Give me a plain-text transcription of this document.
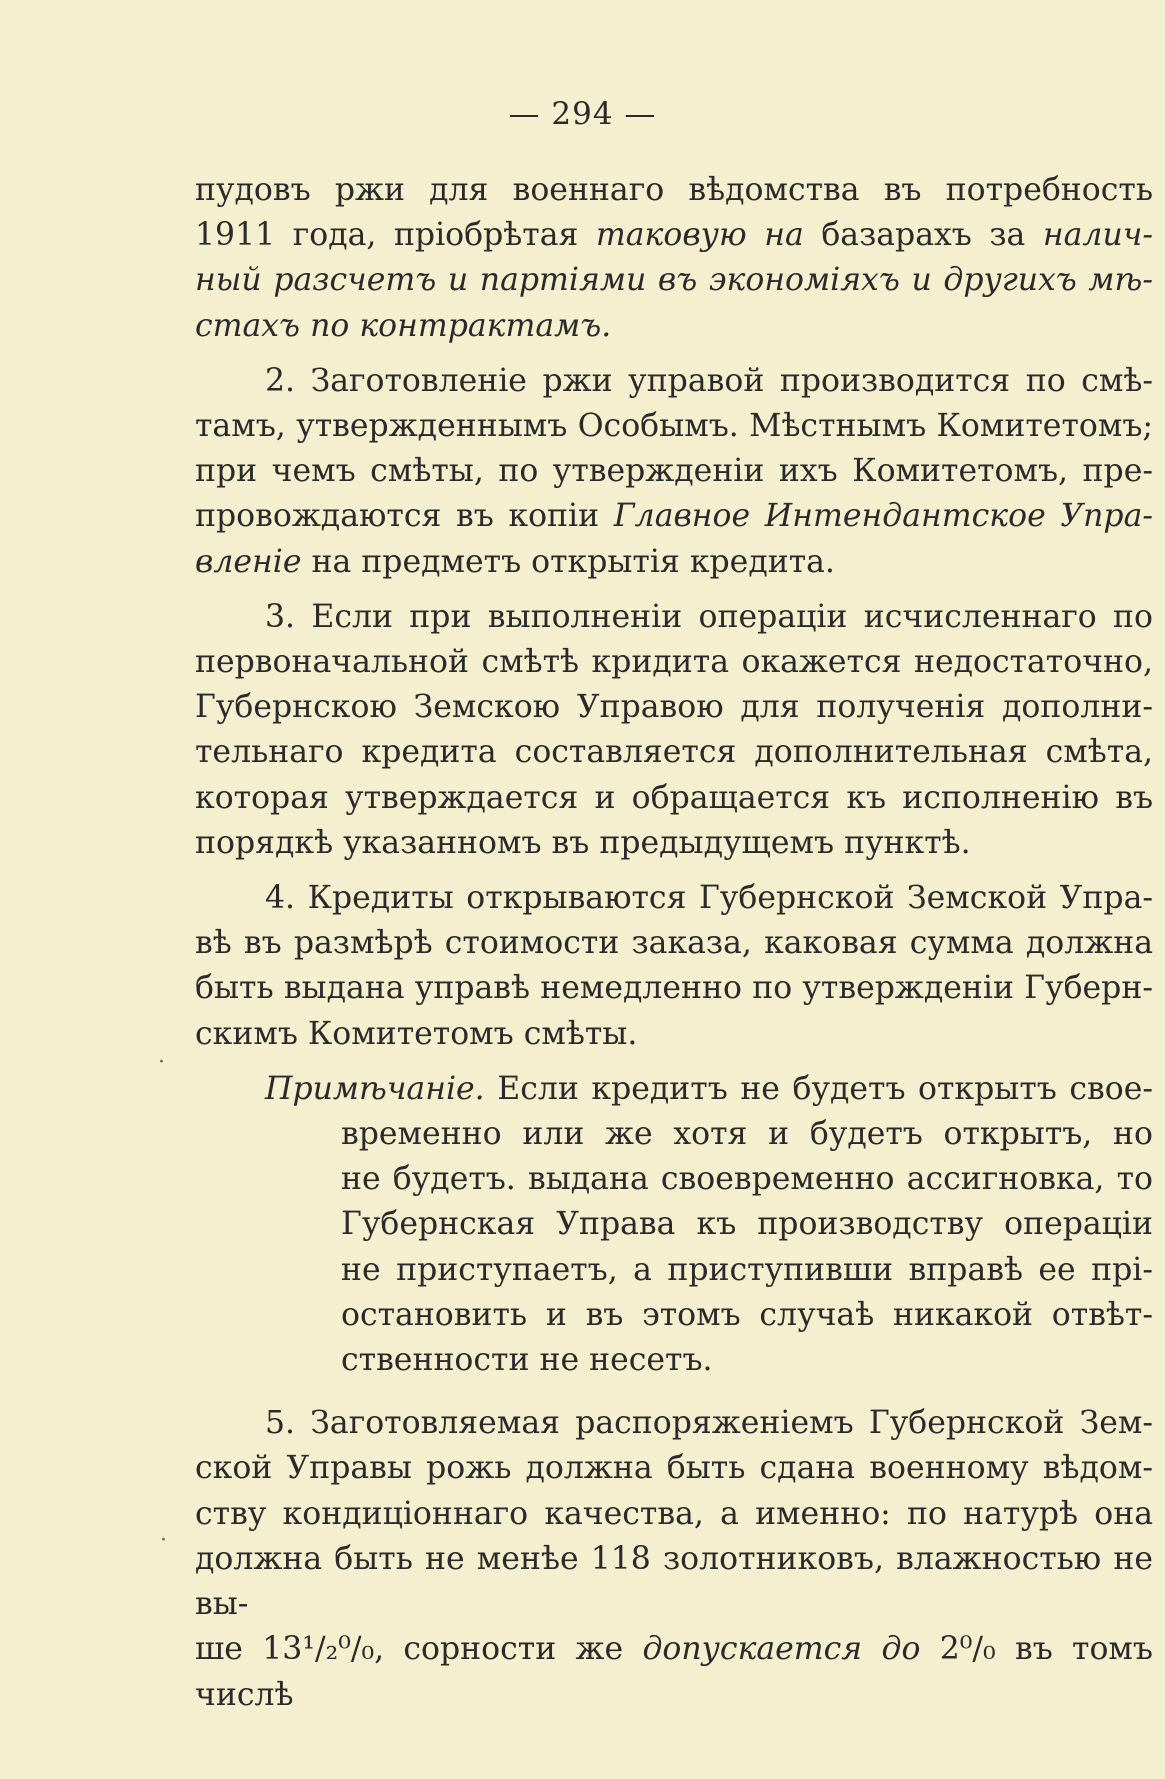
— 294 —
пудовъ ржи для военнаго вѣдомства въ потребность
1911 года, пріобрѣтая таковую на базарахъ за налич-
ный разсчетъ и партіями въ экономіяхъ и другихъ мѣ-
стахъ по контрактамъ.
2. Заготовленіе ржи управой производится по смѣ-
тамъ, утвержденнымъ Особымъ. Мѣстнымъ Комитетомъ;
при чемъ смѣты, по утвержденіи ихъ Комитетомъ, пре-
провождаются въ копіи Главное Интендантское Упра-
вленіе на предметъ открытія кредита.
3. Если при выполненіи операціи исчисленнаго по
первоначальной смѣтѣ кридита окажется недостаточно,
Губернскою Земскою Управою для полученія дополни-
тельнаго кредита составляется дополнительная смѣта,
которая утверждается и обращается къ исполненію въ
порядкѣ указанномъ въ предыдущемъ пунктѣ.
4. Кредиты открываются Губернской Земской Упра-
вѣ въ размѣрѣ стоимости заказа, каковая сумма должна
быть выдана управѣ немедленно по утвержденіи Губерн-
скимъ Комитетомъ смѣты.
Примѣчаніе. Если кредитъ не будетъ открытъ свое-
временно или же хотя и будетъ открытъ, но
не будетъ. выдана своевременно ассигновка, то
Губернская Управа къ производству операціи
не приступаетъ, а приступивши вправѣ ее прі-
остановить и въ этомъ случаѣ никакой отвѣт-
ственности не несетъ.
5. Заготовляемая распоряженіемъ Губернской Зем-
ской Управы рожь должна быть сдана военному вѣдом-
ству кондиціоннаго качества, а именно: по натурѣ она
должна быть не менѣе 118 золотниковъ, влажностью не вы-
ше 13¹/₂⁰/₀, сорности же допускается до 2⁰/₀ въ томъ числѣ
·
·
